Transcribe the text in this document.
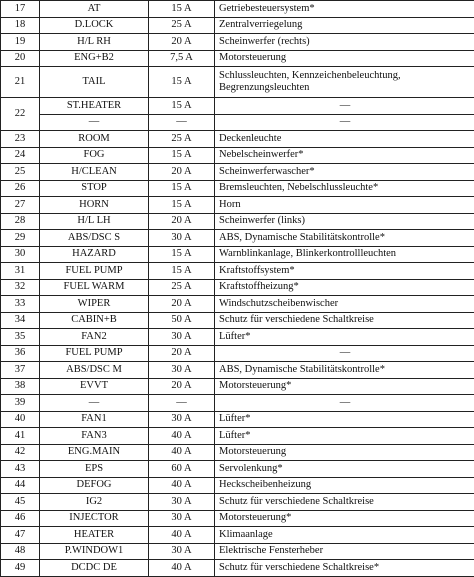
17	AT	15 A	Getriebesteuersystem*
18	D.LOCK	25 A	Zentralverriegelung
19	H/L RH	20 A	Scheinwerfer (rechts)
20	ENG+B2	7,5 A	Motorsteuerung
21	TAIL	15 A	Schlussleuchten, Kennzeichenbeleuchtung, Begrenzungsleuchten
22	ST.HEATER	15 A	—
	—	—	—
23	ROOM	25 A	Deckenleuchte
24	FOG	15 A	Nebelscheinwerfer*
25	H/CLEAN	20 A	Scheinwerferwascher*
26	STOP	15 A	Bremsleuchten, Nebelschlussleuchte*
27	HORN	15 A	Horn
28	H/L LH	20 A	Scheinwerfer (links)
29	ABS/DSC S	30 A	ABS, Dynamische Stabilitätskontrolle*
30	HAZARD	15 A	Warnblinkanlage, Blinkerkontrollleuchten
31	FUEL PUMP	15 A	Kraftstoffsystem*
32	FUEL WARM	25 A	Kraftstoffheizung*
33	WIPER	20 A	Windschutzscheibenwischer
34	CABIN+B	50 A	Schutz für verschiedene Schaltkreise
35	FAN2	30 A	Lüfter*
36	FUEL PUMP	20 A	—
37	ABS/DSC M	30 A	ABS, Dynamische Stabilitätskontrolle*
38	EVVT	20 A	Motorsteuerung*
39	—	—	—
40	FAN1	30 A	Lüfter*
41	FAN3	40 A	Lüfter*
42	ENG.MAIN	40 A	Motorsteuerung
43	EPS	60 A	Servolenkung*
44	DEFOG	40 A	Heckscheibenheizung
45	IG2	30 A	Schutz für verschiedene Schaltkreise
46	INJECTOR	30 A	Motorsteuerung*
47	HEATER	40 A	Klimaanlage
48	P.WINDOW1	30 A	Elektrische Fensterheber
49	DCDC DE	40 A	Schutz für verschiedene Schaltkreise*
